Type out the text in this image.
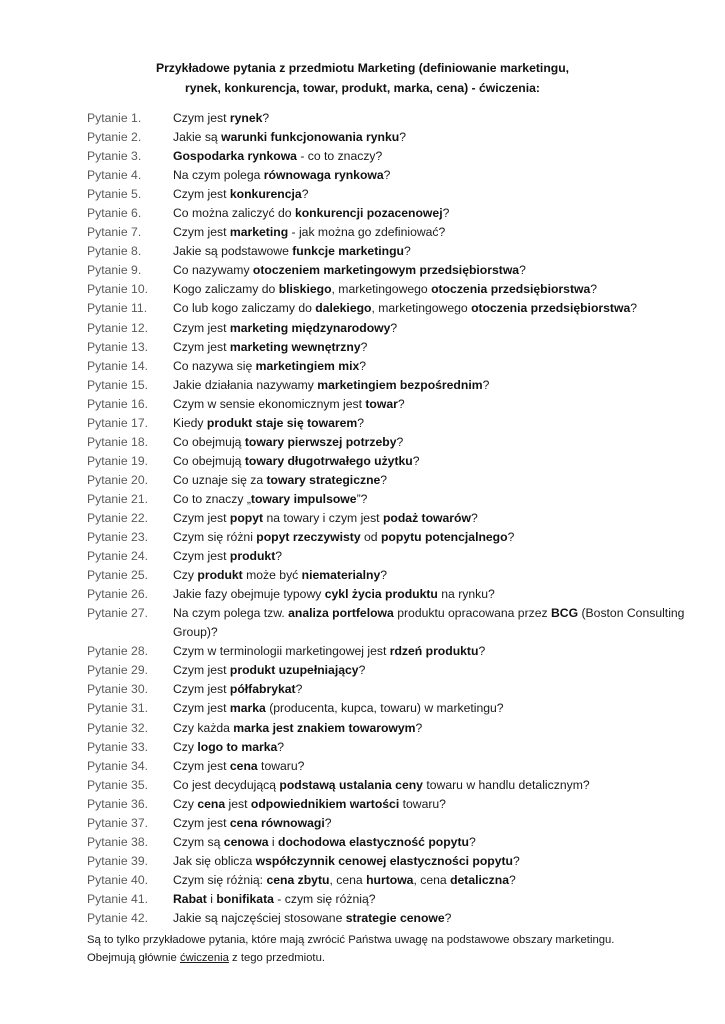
Przykładowe pytania z przedmiotu Marketing (definiowanie marketingu,
rynek, konkurencja, towar, produkt, marka, cena) - ćwiczenia:
Pytanie 1.	Czym jest rynek?
Pytanie 2.	Jakie są warunki funkcjonowania rynku?
Pytanie 3.	Gospodarka rynkowa - co to znaczy?
Pytanie 4.	Na czym polega równowaga rynkowa?
Pytanie 5.	Czym jest konkurencja?
Pytanie 6.	Co można zaliczyć do konkurencji pozacenowej?
Pytanie 7.	Czym jest marketing - jak można go zdefiniować?
Pytanie 8.	Jakie są podstawowe funkcje marketingu?
Pytanie 9.	Co nazywamy otoczeniem marketingowym przedsiębiorstwa?
Pytanie 10.	Kogo zaliczamy do bliskiego, marketingowego otoczenia przedsiębiorstwa?
Pytanie 11.	Co lub kogo zaliczamy do dalekiego, marketingowego otoczenia przedsiębiorstwa?
Pytanie 12.	Czym jest marketing międzynarodowy?
Pytanie 13.	Czym jest marketing wewnętrzny?
Pytanie 14.	Co nazywa się marketingiem mix?
Pytanie 15.	Jakie działania nazywamy marketingiem bezpośrednim?
Pytanie 16.	Czym w sensie ekonomicznym jest towar?
Pytanie 17.	Kiedy produkt staje się towarem?
Pytanie 18.	Co obejmują towary pierwszej potrzeby?
Pytanie 19.	Co obejmują towary długotrwałego użytku?
Pytanie 20.	Co uznaje się za towary strategiczne?
Pytanie 21.	Co to znaczy „towary impulsowe”?
Pytanie 22.	Czym jest popyt na towary i czym jest podaż towarów?
Pytanie 23.	Czym się różni popyt rzeczywisty od popytu potencjalnego?
Pytanie 24.	Czym jest produkt?
Pytanie 25.	Czy produkt może być niematerialny?
Pytanie 26.	Jakie fazy obejmuje typowy cykl życia produktu na rynku?
Pytanie 27.	Na czym polega tzw. analiza portfelowa produktu opracowana przez BCG (Boston Consulting Group)?
Pytanie 28.	Czym w terminologii marketingowej jest rdzeń produktu?
Pytanie 29.	Czym jest produkt uzupełniający?
Pytanie 30.	Czym jest półfabrykat?
Pytanie 31.	Czym jest marka (producenta, kupca, towaru) w marketingu?
Pytanie 32.	Czy każda marka jest znakiem towarowym?
Pytanie 33.	Czy logo to marka?
Pytanie 34.	Czym jest cena towaru?
Pytanie 35.	Co jest decydującą podstawą ustalania ceny towaru w handlu detalicznym?
Pytanie 36.	Czy cena jest odpowiednikiem wartości towaru?
Pytanie 37.	Czym jest cena równowagi?
Pytanie 38.	Czym są cenowa i dochodowa elastyczność popytu?
Pytanie 39.	Jak się oblicza współczynnik cenowej elastyczności popytu?
Pytanie 40.	Czym się różnią: cena zbytu, cena hurtowa, cena detaliczna?
Pytanie 41.	Rabat i bonifikata - czym się różnią?
Pytanie 42.	Jakie są najczęściej stosowane strategie cenowe?
Są to tylko przykładowe pytania, które mają zwrócić Państwa uwagę na podstawowe obszary marketingu.
Obejmują głównie ćwiczenia z tego przedmiotu.
